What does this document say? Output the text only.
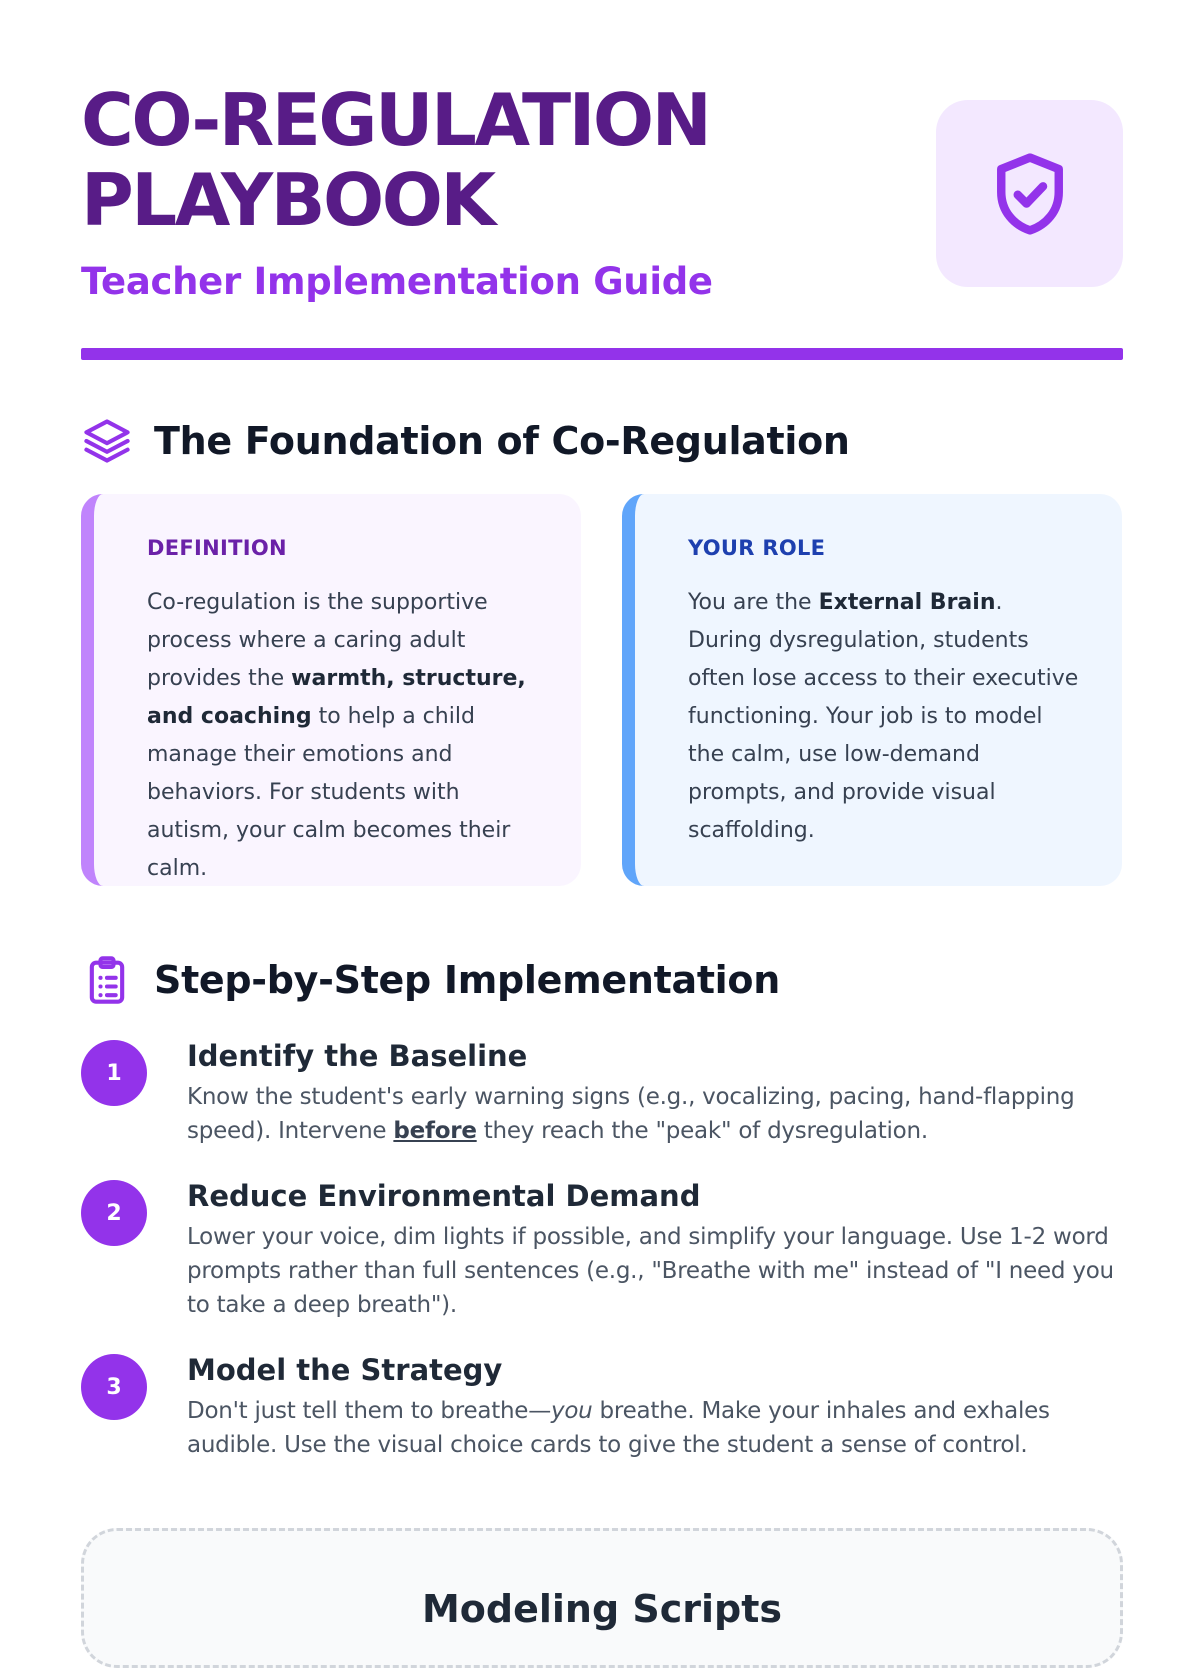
CO-REGULATION
PLAYBOOK

Teacher Implementation Guide

The Foundation of Co-Regulation

DEFINITION

Co-regulation is the supportive process where a caring adult provides the warmth, structure, and coaching to help a child manage their emotions and behaviors. For students with autism, your calm becomes their calm.

YOUR ROLE

You are the External Brain. During dysregulation, students often lose access to their executive functioning. Your job is to model the calm, use low-demand prompts, and provide visual scaffolding.

Step-by-Step Implementation
1	Identify the Baseline

Know the student's early warning signs (e.g., vocalizing, pacing, hand-flapping speed). Intervene before they reach the "peak" of dysregulation.

2	Reduce Environmental Demand

Lower your voice, dim lights if possible, and simplify your language. Use 1-2 word prompts rather than full sentences (e.g., "Breathe with me" instead of "I need you to take a deep breath").

3	Model the Strategy

Don't just tell them to breathe—you breathe. Make your inhales and exhales audible. Use the visual choice cards to give the student a sense of control.

Modeling Scripts
